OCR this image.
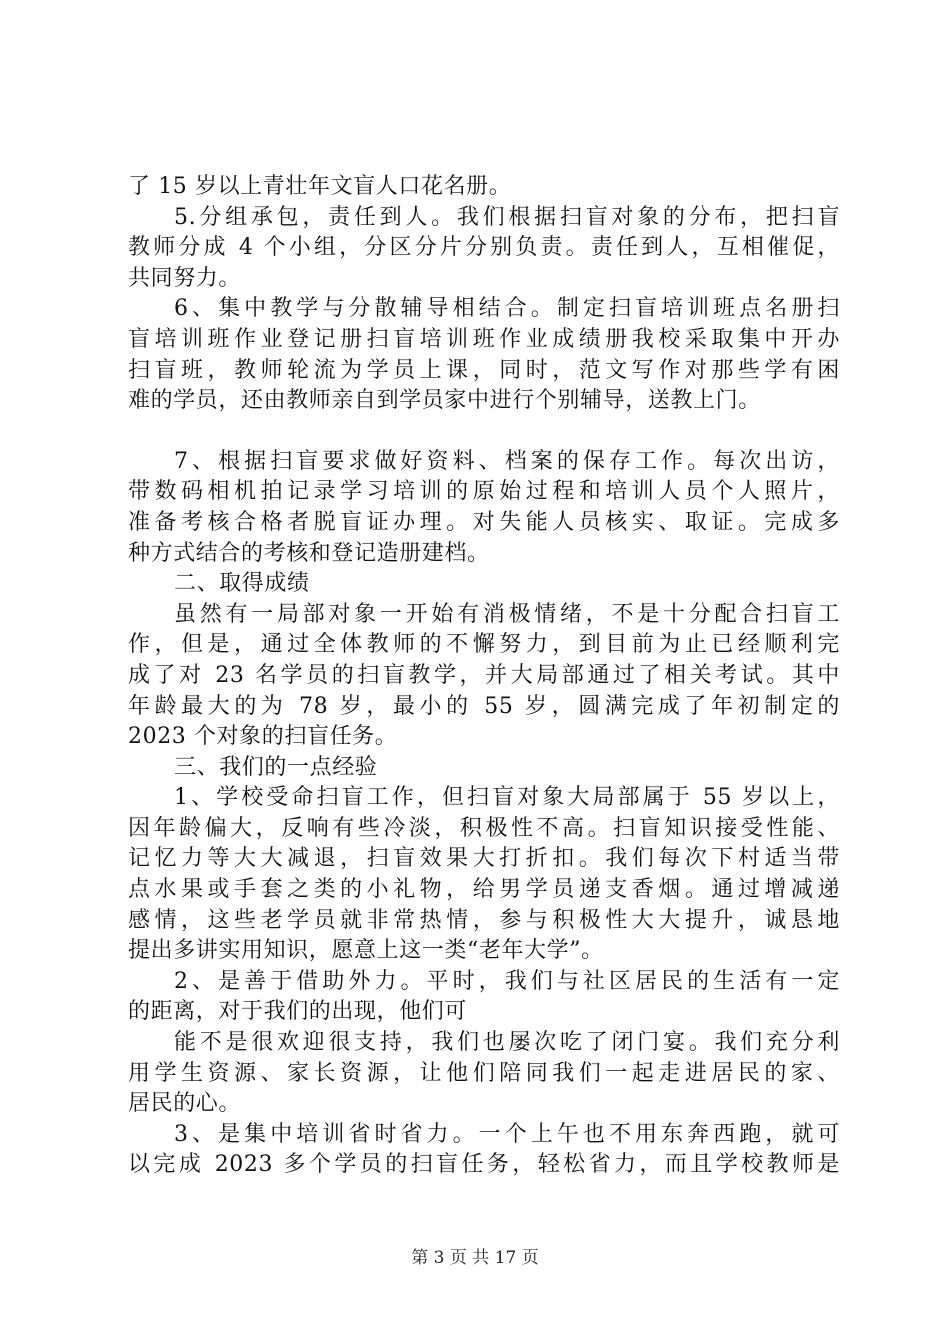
了 15 岁以上青壮年文盲人口花名册。
5.分组承包，责任到人。我们根据扫盲对象的分布，把扫盲
教师分成 4 个小组，分区分片分别负责。责任到人，互相催促，
共同努力。
6、集中教学与分散辅导相结合。制定扫盲培训班点名册扫
盲培训班作业登记册扫盲培训班作业成绩册我校采取集中开办
扫盲班，教师轮流为学员上课，同时，范文写作对那些学有困
难的学员，还由教师亲自到学员家中进行个别辅导，送教上门。
7、根据扫盲要求做好资料、档案的保存工作。每次出访，
带数码相机拍记录学习培训的原始过程和培训人员个人照片，
准备考核合格者脱盲证办理。对失能人员核实、取证。完成多
种方式结合的考核和登记造册建档。
二、取得成绩
虽然有一局部对象一开始有消极情绪，不是十分配合扫盲工
作，但是，通过全体教师的不懈努力，到目前为止已经顺利完
成了对 23 名学员的扫盲教学，并大局部通过了相关考试。其中
年龄最大的为 78 岁，最小的 55 岁，圆满完成了年初制定的
2023 个对象的扫盲任务。
三、我们的一点经验
1、学校受命扫盲工作，但扫盲对象大局部属于 55 岁以上，
因年龄偏大，反响有些冷淡，积极性不高。扫盲知识接受性能、
记忆力等大大减退，扫盲效果大打折扣。我们每次下村适当带
点水果或手套之类的小礼物，给男学员递支香烟。通过增减递
感情，这些老学员就非常热情，参与积极性大大提升，诚恳地
提出多讲实用知识，愿意上这一类“老年大学”。
2、是善于借助外力。平时，我们与社区居民的生活有一定
的距离，对于我们的出现，他们可
能不是很欢迎很支持，我们也屡次吃了闭门宴。我们充分利
用学生资源、家长资源，让他们陪同我们一起走进居民的家、
居民的心。
3、是集中培训省时省力。一个上午也不用东奔西跑，就可
以完成 2023 多个学员的扫盲任务，轻松省力，而且学校教师是
第 3 页 共 17 页
